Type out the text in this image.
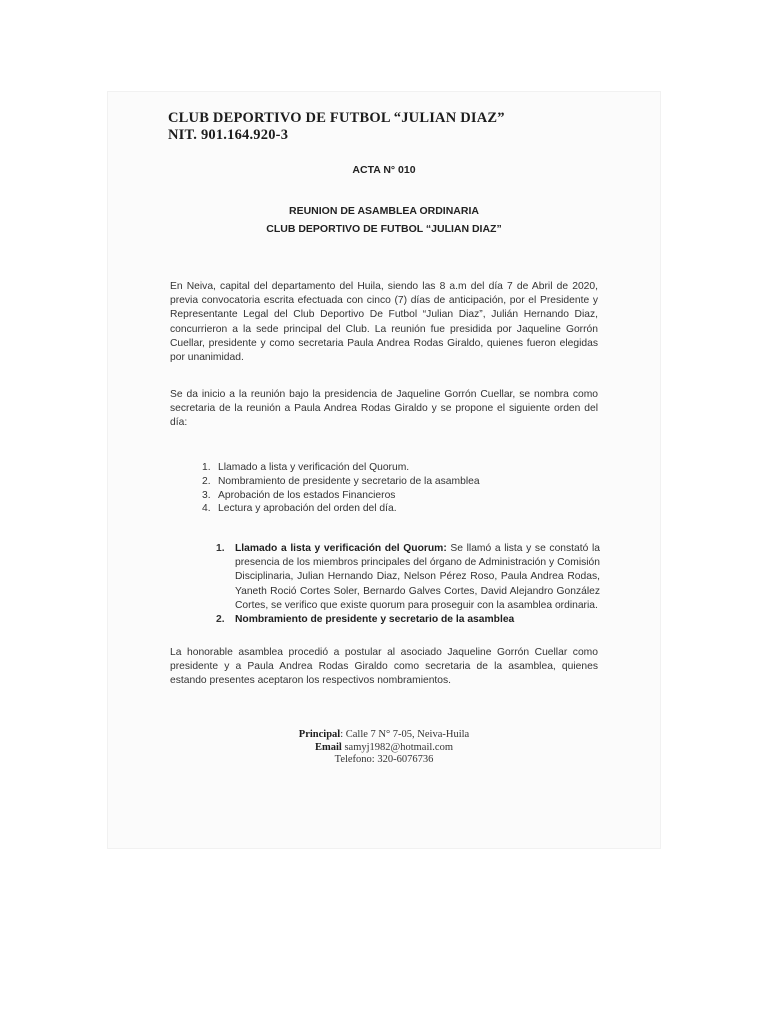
CLUB DEPORTIVO DE FUTBOL “JULIAN DIAZ”
NIT. 901.164.920-3
ACTA N° 010
REUNION DE ASAMBLEA ORDINARIA
CLUB DEPORTIVO DE FUTBOL “JULIAN DIAZ”

En Neiva, capital del departamento del Huila, siendo las 8 a.m del día 7 de Abril de 2020, previa convocatoria escrita efectuada con cinco (7) días de anticipación, por el Presidente y Representante Legal del Club Deportivo De Futbol “Julian Diaz”, Julián Hernando Diaz, concurrieron a la sede principal del Club. La reunión fue presidida por Jaqueline Gorrón Cuellar, presidente y como secretaria Paula Andrea Rodas Giraldo, quienes fueron elegidas por unanimidad.

Se da inicio a la reunión bajo la presidencia de Jaqueline Gorrón Cuellar, se nombra como secretaria de la reunión a Paula Andrea Rodas Giraldo y se propone el siguiente orden del día:

1. Llamado a lista y verificación del Quorum.
2. Nombramiento de presidente y secretario de la asamblea
3. Aprobación de los estados Financieros
4. Lectura y aprobación del orden del día.
1.	Llamado a lista y verificación del Quorum: Se llamó a lista y se constató la presencia de los miembros principales del órgano de Administración y Comisión Disciplinaria, Julian Hernando Diaz, Nelson Pérez Roso, Paula Andrea Rodas, Yaneth Roció Cortes Soler, Bernardo Galves Cortes, David Alejandro González Cortes, se verifico que existe quorum para proseguir con la asamblea ordinaria.
2.	Nombramiento de presidente y secretario de la asamblea

La honorable asamblea procedió a postular al asociado Jaqueline Gorrón Cuellar como presidente y a Paula Andrea Rodas Giraldo como secretaria de la asamblea, quienes estando presentes aceptaron los respectivos nombramientos.

Principal: Calle 7 N° 7-05, Neiva-Huila
Email samyj1982@hotmail.com
Telefono: 320-6076736
